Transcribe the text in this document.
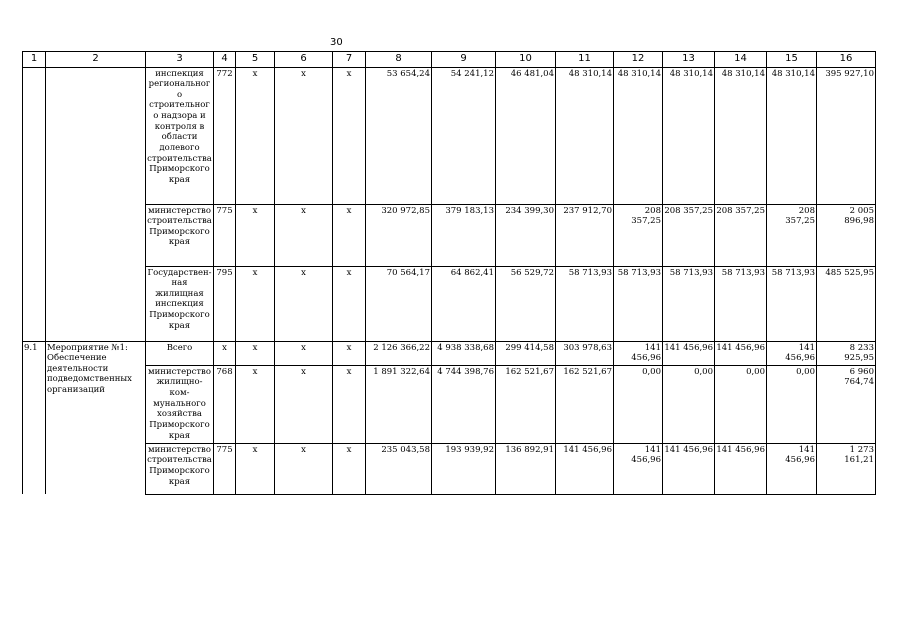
30
1	2	3	4	5	6	7	8	9	10	11	12	13	14	15	16
		инспекция регионального строительного надзора и контроля в области долевого строительства Приморского края	772	х	х	х	53 654,24	54 241,12	46 481,04	48 310,14	48 310,14	48 310,14	48 310,14	48 310,14	395 927,10
		министерство строительства Приморского края	775	х	х	х	320 972,85	379 183,13	234 399,30	237 912,70	208 357,25	208 357,25	208 357,25	208 357,25	2 005 896,98
		Государствен-ная жилищная инспекция Приморского края	795	х	х	х	70 564,17	64 862,41	56 529,72	58 713,93	58 713,93	58 713,93	58 713,93	58 713,93	485 525,95
9.1	Мероприятие №1: Обеспечение деятельности подведомственных организаций	Всего	х	х	х	х	2 126 366,22	4 938 338,68	299 414,58	303 978,63	141 456,96	141 456,96	141 456,96	141 456,96	8 233 925,95
		министерство жилищно-ком-мунального хозяйства Приморского края	768	х	х	х	1 891 322,64	4 744 398,76	162 521,67	162 521,67	0,00	0,00	0,00	0,00	6 960 764,74
		министерство строительства Приморского края	775	х	х	х	235 043,58	193 939,92	136 892,91	141 456,96	141 456,96	141 456,96	141 456,96	141 456,96	1 273 161,21
